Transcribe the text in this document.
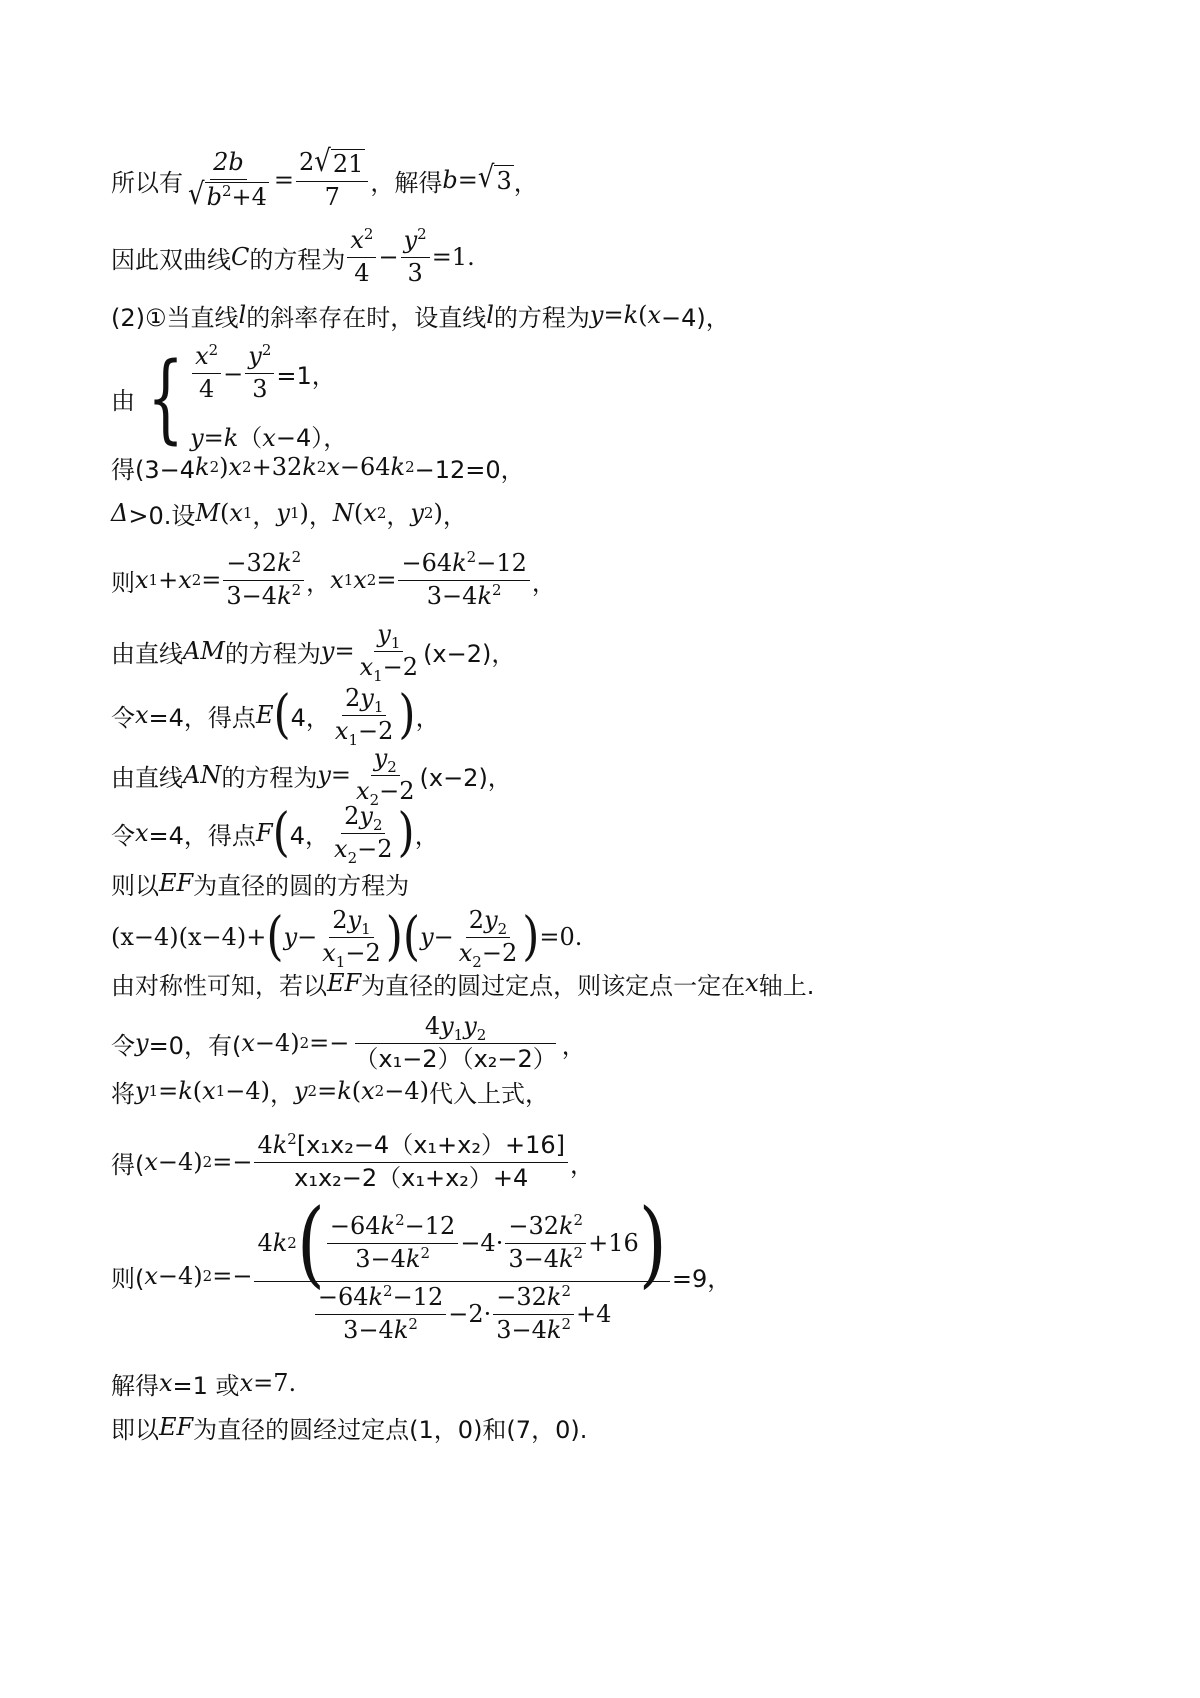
所以有 $\frac{2b}{√ b^2+4} = \frac{2 √ 21}{7}$ ，解得 b = √ 3 ，
因此双曲线 C 的方程为 $\frac{x^2}{4} - \frac{y^2}{3} =1$.
(2)①当直线 l 的斜率存在时，设直线 l 的方程为 y = k ( x −4)，
由 { $\frac{x^2}{4} - \frac{y^2}{3} =1$，
y=k（x−4），
得(3−4 k 2 ) x 2 +32 k 2 x −64 k 2 −12=0，
Δ >0.设 M ( x 1 ， y 1 ) ， N ( x 2 ， y 2 ) ，
则 x 1 + x $2 = \frac{-32k^2}{3-4k^2}$ ， x 1 x $2 = \frac{-64k^2-12}{3-4k^2}$ ，
由直线 AM 的方程为 $y = \frac{y_1}{x_1-2} (x-2)$，
令 x =4，得点 E ( 4， $\frac{2y_1}{x_1-2}$ ) ，
由直线 AN 的方程为 $y = \frac{y_2}{x_2-2} (x-2)$，
令 x =4，得点 F ( 4， $\frac{2y_2}{x_2-2}$ ) ，
则以 EF 为直径的圆的方程为
(x−4)(x−4)+ ( $y - \frac{2y_1}{x_1-2}$ ) ( $y - \frac{2y_2}{x_2-2}$ ) =0.
由对称性可知，若以 EF 为直径的圆过定点，则该定点一定在 x 轴上.
令 y =0，有( x −4) $2 =- \frac{4y_1y_2}{\text{（x₁−2）（x₂−2）}}$ ，
将 y 1 = k ( x 1 −4) ， y 2 = k ( x 2 −4) 代入上式，
得( x −4) $2 =- \frac{4k^2[x_1x_2-4(x_1+x_2)+16]}{\text{x₁x₂−2（x₁+x₂）+4}}$ ，
则( x −4) $2 =- \frac{4 k 2 ( \frac{-64k^2-12}{3-4k^2} -4\cdot \frac{-32k^2}{3-4k^2} +16 )}{\frac{-64k^2-12}{3-4k^2} -2\cdot \frac{-32k^2}{3-4k^2} +4} =9$，
解得 x =1 或 x =7.
即以 EF 为直径的圆经过定点(1，0)和(7，0).
